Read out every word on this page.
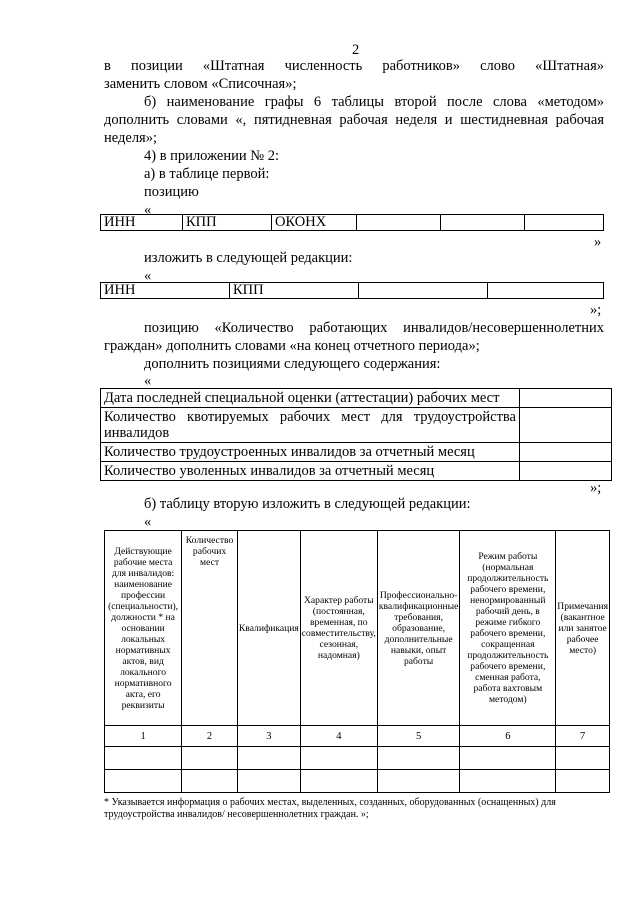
2
в позиции «Штатная численность работников» слово «Штатная»
заменить словом «Списочная»;
б) наименование графы 6 таблицы второй после слова «методом»
дополнить словами «, пятидневная рабочая неделя и шестидневная рабочая
неделя»;
4) в приложении № 2:
а) в таблице первой:
позицию
«
ИНН	КПП	ОКОНХ			
»
изложить в следующей редакции:
«
ИНН	КПП		
»;
позицию «Количество работающих инвалидов/несовершеннолетних
граждан» дополнить словами «на конец отчетного периода»;
дополнить позициями следующего содержания:
«
Дата последней специальной оценки (аттестации) рабочих мест	
Количество квотируемых рабочих мест для трудоустройства инвалидов	
Количество трудоустроенных инвалидов за отчетный месяц	
Количество уволенных инвалидов за отчетный месяц	
»;
б) таблицу вторую изложить в следующей редакции:
«
Действующие рабочие места для инвалидов: наименование профессии (специальности), должности * на основании локальных нормативных актов, вид локального нормативного акта, его реквизиты	Количество рабочих мест	Квалификация	Характер работы (постоянная, временная, по совместительству, сезонная, надомная)	Профессионально-квалификационные требования, образование, дополнительные навыки, опыт работы	Режим работы (нормальная продолжительность рабочего времени, ненормированный рабочий день, в режиме гибкого рабочего времени, сокращенная продолжительность рабочего времени, сменная работа, работа вахтовым методом)	Примечания (вакантное или занятое рабочее место)
1	2	3	4	5	6	7

* Указывается информация о рабочих местах, выделенных, созданных, оборудованных (оснащенных) для трудоустройства инвалидов/ несовершеннолетних граждан. »;
